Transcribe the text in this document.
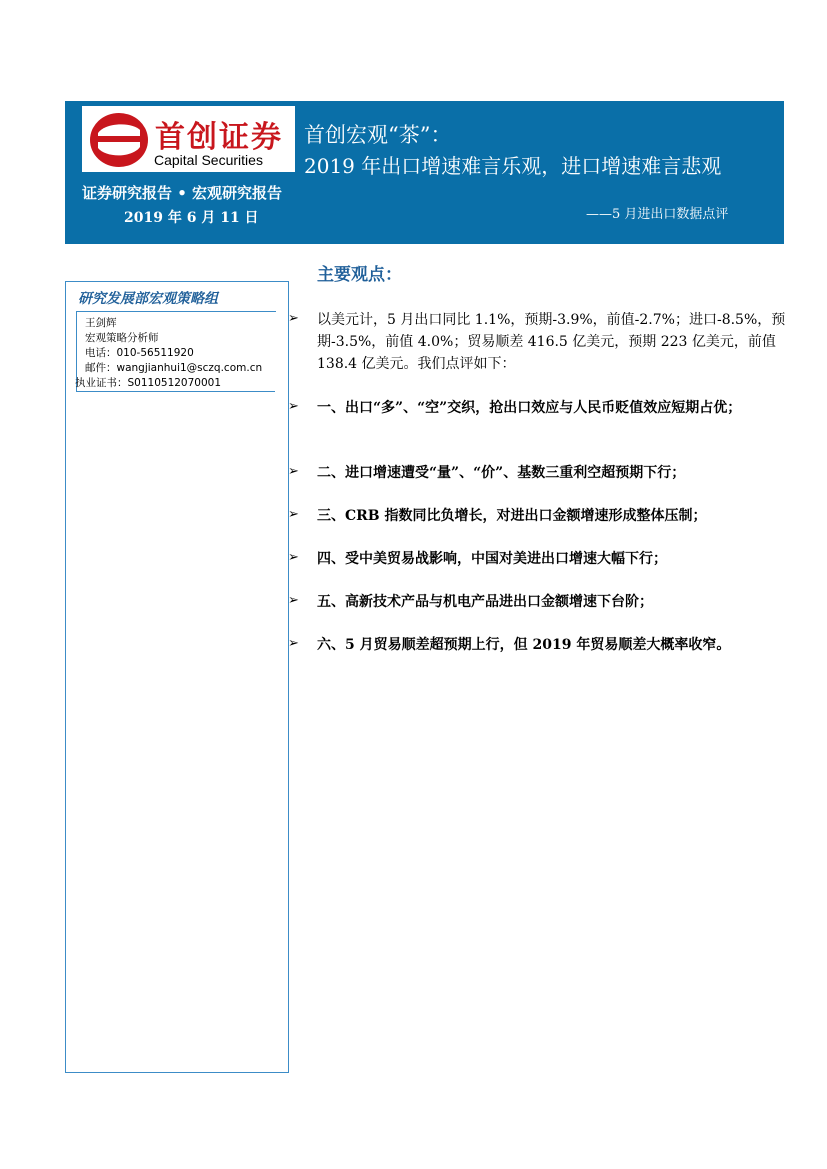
首创证券
Capital Securities
首创宏观“茶”：
2019 年出口增速难言乐观，进口增速难言悲观
证券研究报告 • 宏观研究报告
2019 年 6 月 11 日	——5 月进出口数据点评
研究发展部宏观策略组
王剑辉
宏观策略分析师
电话：010-56511920
邮件：wangjianhui1@sczq.com.cn
执业证书：S0110512070001
主要观点：
➢ 以美元计，5 月出口同比 1.1%，预期-3.9%，前值-2.7%；进口-8.5%，预期-3.5%，前值 4.0%；贸易顺差 416.5 亿美元，预期 223 亿美元，前值 138.4 亿美元。我们点评如下：
➢ 一、出口“多”、“空”交织，抢出口效应与人民币贬值效应短期占优；
➢ 二、进口增速遭受“量”、“价”、基数三重利空超预期下行；
➢ 三、CRB 指数同比负增长，对进出口金额增速形成整体压制；
➢ 四、受中美贸易战影响，中国对美进出口增速大幅下行；
➢ 五、高新技术产品与机电产品进出口金额增速下台阶；
➢ 六、5 月贸易顺差超预期上行，但 2019 年贸易顺差大概率收窄。
